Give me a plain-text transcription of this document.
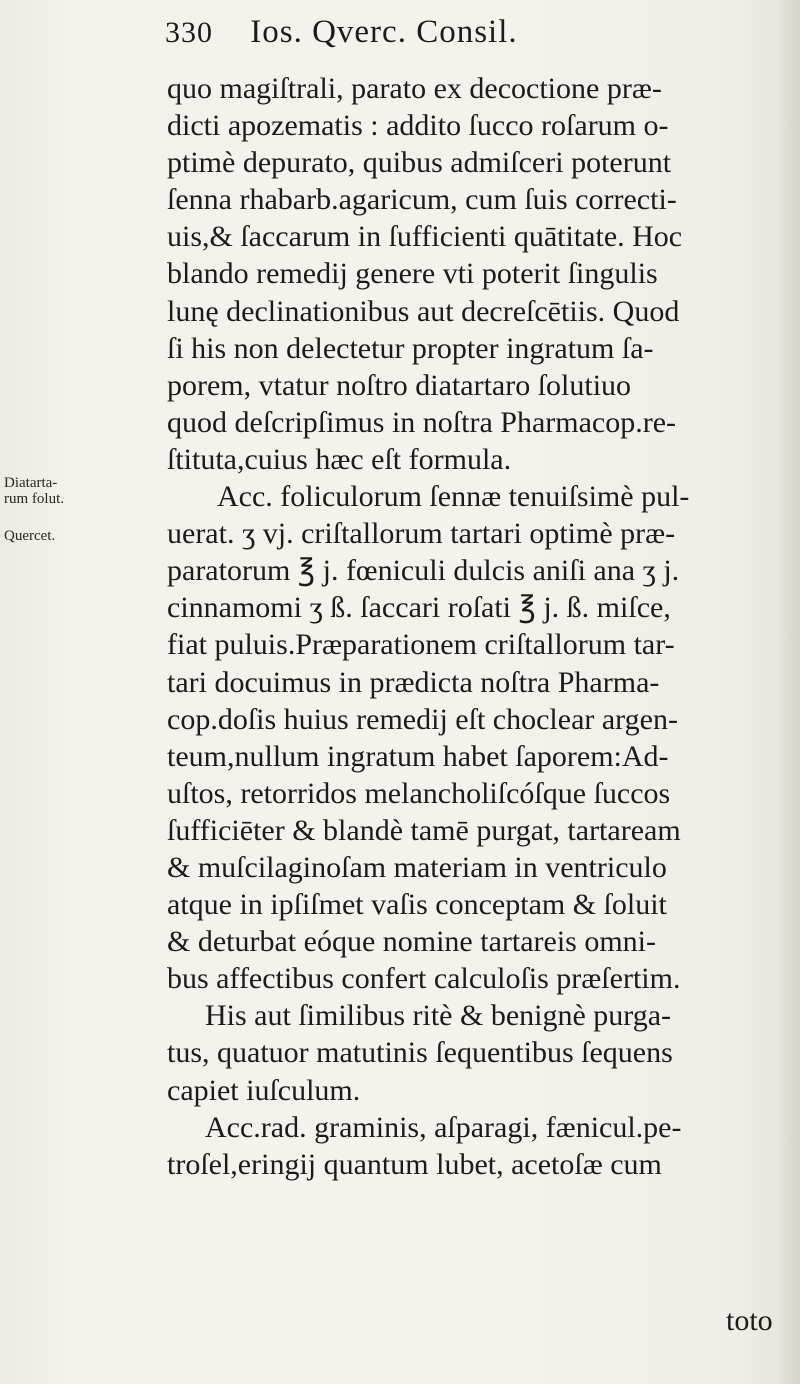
330 Ios. Qverc. Consil.
Diatarta-
rum folut.
Quercet.
quo magiſtrali, parato ex decoctione præ-
dicti apozematis : addito ſucco roſarum o-
ptimè depurato, quibus admiſceri poterunt
ſenna rhabarb.agaricum, cum ſuis correcti-
uis,& ſaccarum in ſufficienti quātitate. Hoc
blando remedij genere vti poterit ſingulis
lunę declinationibus aut decreſcētiis. Quod
ſi his non delectetur propter ingratum ſa-
porem, vtatur noſtro diatartaro ſolutiuo
quod deſcripſimus in noſtra Pharmacop.re-
ſtituta,cuius hæc eſt formula.
Acc. foliculorum ſennæ tenuiſsimè pul-
uerat. ʒ vj. criſtallorum tartari optimè præ-
paratorum ℥ j. fœniculi dulcis aniſi ana ʒ j.
cinnamomi ʒ ß. ſaccari roſati ℥ j. ß. miſce,
fiat puluis.Præparationem criſtallorum tar-
tari docuimus in prædicta noſtra Pharma-
cop.doſis huius remedij eſt choclear argen-
teum,nullum ingratum habet ſaporem:Ad-
uſtos, retorridos melancholiſcóſque ſuccos
ſufficiēter & blandè tamē purgat, tartaream
& muſcilaginoſam materiam in ventriculo
atque in ipſiſmet vaſis conceptam & ſoluit
& deturbat eóque nomine tartareis omni-
bus affectibus confert calculoſis præſertim.
His aut ſimilibus ritè & benignè purga-
tus, quatuor matutinis ſequentibus ſequens
capiet iuſculum.
Acc.rad. graminis, aſparagi, fænicul.pe-
troſel,eringij quantum lubet, acetoſæ cum
toto
